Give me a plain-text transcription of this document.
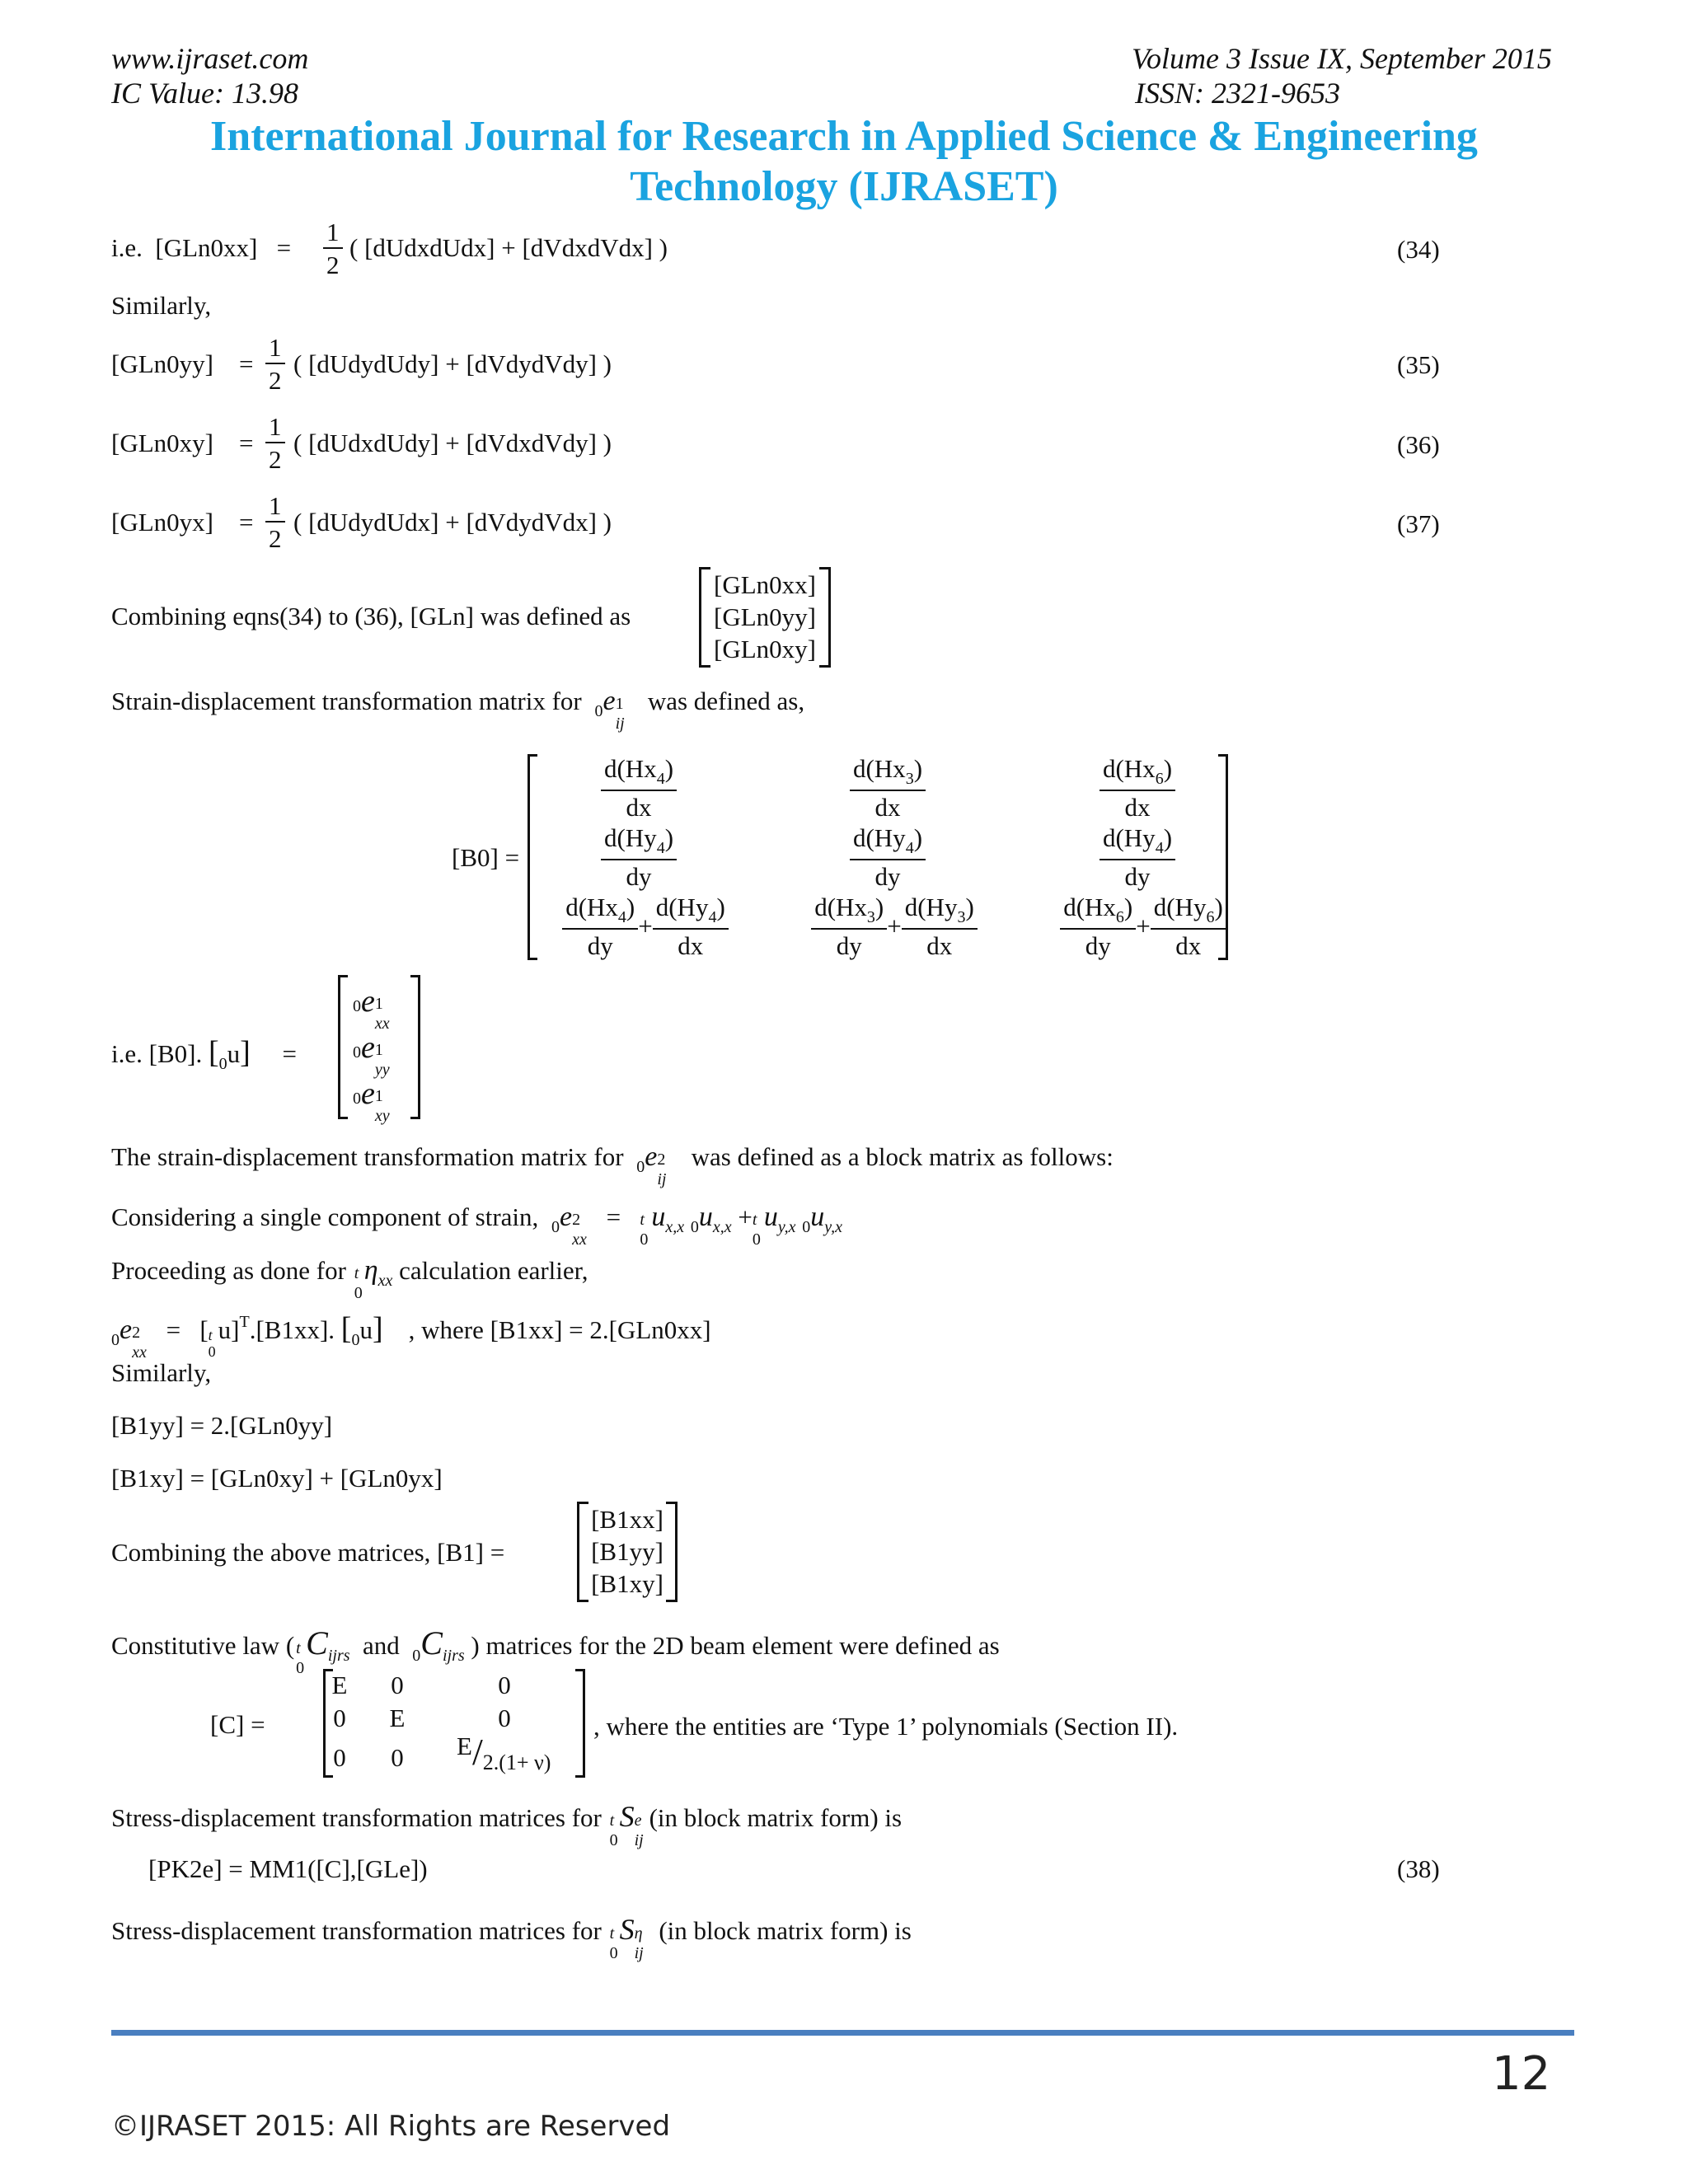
www.ijraset.com	Volume 3 Issue IX, September 2015
IC Value: 13.98	ISSN: 2321-9653
International Journal for Research in Applied Science & Engineering
Technology (IJRASET)
i.e. [GLn0xx] =	$\frac{1}{2}$ ( [dUdxdUdx] + [dVdxdVdx] )	(34)
Similarly,
$[GLn0yy] = \frac{1}{2}$ ( [dUdydUdy] + [dVdydVdy] )	(35)
$[GLn0xy] = \frac{1}{2}$ ( [dUdxdUdy] + [dVdxdVdy] )	(36)
$[GLn0yx] = \frac{1}{2}$ ( [dUdydUdx] + [dVdydVdx] )	(37)
Combining eqns(34) to (36), [GLn] was defined as
[GLn0xx]
[GLn0yy]
[GLn0xy]
Strain-displacement transformation matrix for $_0$e 1
ij
was defined as,
[B0] =
$\frac{d(Hx_4)}{dx}$	$\frac{d(Hx_3)}{dx}$	$\frac{d(Hx_6)}{dx}$
$\frac{d(Hy_4)}{dy}$	$\frac{d(Hy_4)}{dy}$	$\frac{d(Hy_4)}{dy}$
$\frac{d(Hx_4)}{dy} + \frac{d(Hy_4)}{dx}$	$\frac{d(Hx_3)}{dy} + \frac{d(Hy_3)}{dx}$	$\frac{d(Hx_6)}{dy} + \frac{d(Hy_6)}{dx}$
i.e. [B0]. $[_0u]$ =
0e 1
xx
0e 1
yy
0e 1
xy
The strain-displacement transformation matrix for $_0$e 2
ij
was defined as a block matrix as follows:
Considering a single component of strain, $_0$e 2
xx
= t
0
$u_{x,x}$ $_0u_{x,x} + t$
0
$u_{y,x}$ $_0u_{y,x}$
Proceeding as done for t
0
$\eta_{xx}$ calculation earlier,
$_0$e 2
xx
=   [ t
0
u]$^T$.[B1xx]. $[_0u]$ , where [B1xx] = 2.[GLn0xx]
Similarly,
[B1yy] = 2.[GLn0yy]
[B1xy] = [GLn0xy] + [GLn0yx]
Combining the above matrices, [B1] =
[B1xx]
[B1yy]
[B1xy]
Constitutive law ( t
0
$C_{ijrs}$ and $_0C_{ijrs}$ ) matrices for the 2D beam element were defined as
[C] =
E 0	0
0 E	0
0 0 $E/_{2.(1+ \nu)}$
, where the entities are ‘Type 1’ polynomials (Section II).
Stress-displacement transformation matrices for t
0
S e
ij
(in block matrix form) is
[PK2e] = MM1([C],[GLe])	(38)
Stress-displacement transformation matrices for t
0
S η
ij
(in block matrix form) is
12
©IJRASET 2015: All Rights are Reserved
